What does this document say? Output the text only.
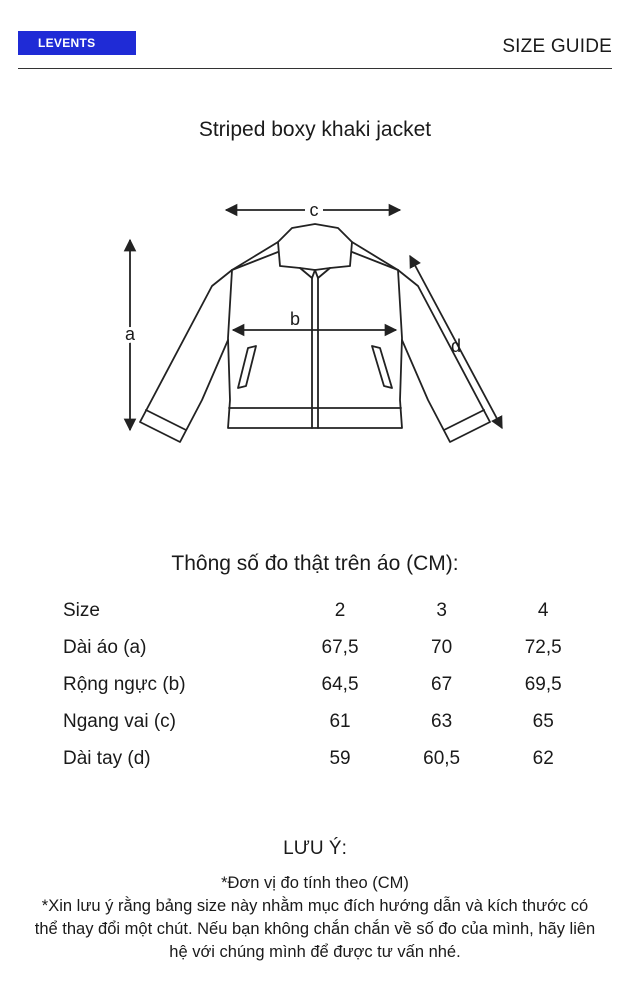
LEVENTS	SIZE GUIDE
Striped boxy khaki jacket
c
a
b
d
Thông số đo thật trên áo (CM):
Size	2	3	4
Dài áo (a)	67,5	70	72,5
Rộng ngực (b)	64,5	67	69,5
Ngang vai (c)	61	63	65
Dài tay (d)	59	60,5	62
LƯU Ý:
*Đơn vị đo tính theo (CM)
*Xin lưu ý rằng bảng size này nhằm mục đích hướng dẫn và kích thước có thể thay đổi một chút. Nếu bạn không chắn chắn về số đo của mình, hãy liên hệ với chúng mình để được tư vấn nhé.
